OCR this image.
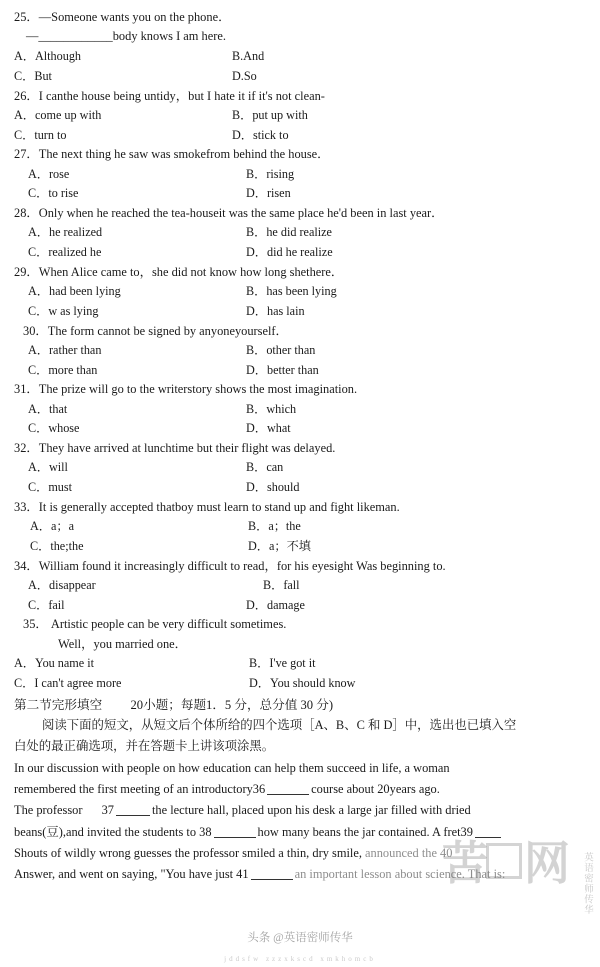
25．—Someone wants you on the phone．
—____________body knows I am here.
A．Although	B.And
C．But	D.So
26．I canthe house being untidy，but I hate it if it's not clean-
A．come up with	B．put up with
C．turn to	D．stick to
27．The next thing he saw was smokefrom behind the house．
A．rose	B．rising
C．to rise	D．risen
28．Only when he reached the tea-houseit was the same place he'd been in last year．
A．he realized	B．he did realize
C．realized he	D．did he realize
29．When Alice came to，she did not know how long shethere．
A．had been lying	B．has been lying
C．w as lying	D．has lain
30．The form cannot be signed by anyoneyourself．
A．rather than	B．other than
C．more than	D．better than
31．The prize will go to the writerstory shows the most imagination.
A．that	B．which
C．whose	D．what
32．They have arrived at lunchtime but their flight was delayed.
A．will	B．can
C．must	D．should
33．It is generally accepted thatboy must learn to stand up and fight likeman.
A．a；a	B．a；the
C．the;the	D．a；不填
34．William found it increasingly difficult to read，for his eyesight Was beginning to.
A．disappear	B．fall
C．fail	D．damage
35． Artistic people can be very difficult sometimes.
Well，you married one．
A．You name it	B．I've got it
C．I can't agree more	D．You should know
第二节完形填空 20小题；每题1．5 分，总分值 30 分)
阅读下面的短文，从短文后个体所给的四个选项［A、B、C 和 D］中，选出也已填入空
白处的最正确选项，并在答题卡上讲该项涂黑。
In our discussion with people on how education can help them succeed in life, a woman
remembered the first meeting of an introductory36	course about 20years ago.
The professor 37	the lecture hall, placed upon his desk a large jar filled with dried
beans(豆),and invited the students to 38	how many beans the jar contained. A fret39
Shouts of wildly wrong guesses the professor smiled a thin, dry smile, announced the 40
Answer, and went on saying, "You have just 41	an important lesson about science. That is:
苦 网 英语密师传华
头条 @英语密师传华
jddsfw zzzxkscd xmkhomcb
